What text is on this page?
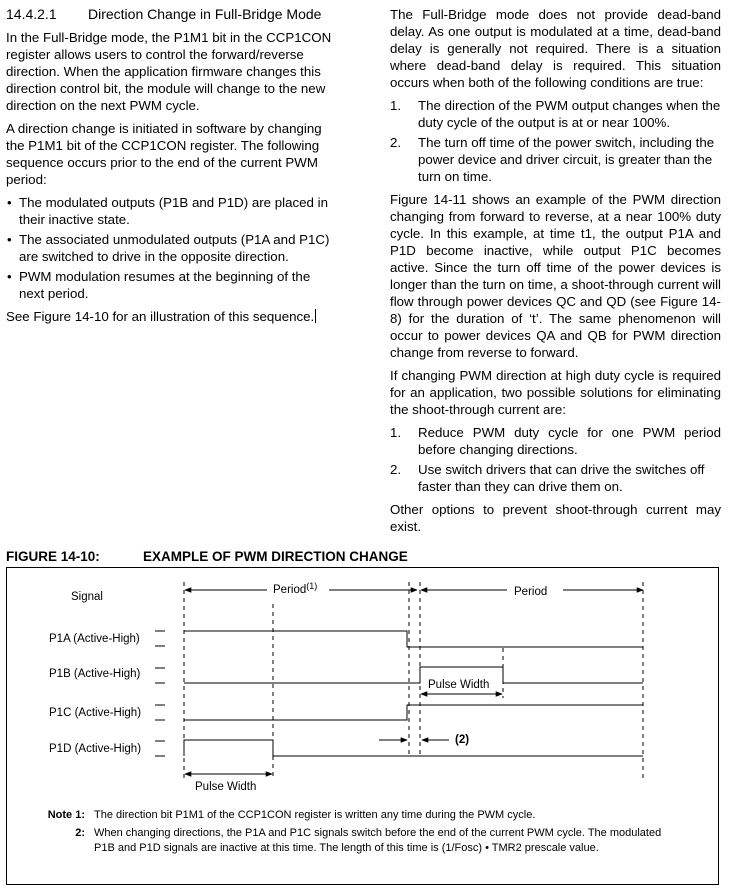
14.4.2.1	Direction Change in Full-Bridge Mode

In the Full-Bridge mode, the P1M1 bit in the CCP1CON register allows users to control the forward/reverse direction. When the application firmware changes this direction control bit, the module will change to the new direction on the next PWM cycle.

A direction change is initiated in software by changing the P1M1 bit of the CCP1CON register. The following sequence occurs prior to the end of the current PWM period:

• The modulated outputs (P1B and P1D) are placed in their inactive state.
• The associated unmodulated outputs (P1A and P1C) are switched to drive in the opposite direction.
• PWM modulation resumes at the beginning of the next period.

See Figure 14-10 for an illustration of this sequence.

The Full-Bridge mode does not provide dead-band delay. As one output is modulated at a time, dead-band delay is generally not required. There is a situation where dead-band delay is required. This situation occurs when both of the following conditions are true:

1.	The direction of the PWM output changes when the duty cycle of the output is at or near 100%.
2.	The turn off time of the power switch, including the power device and driver circuit, is greater than the turn on time.

Figure 14-11 shows an example of the PWM direction changing from forward to reverse, at a near 100% duty cycle. In this example, at time t1, the output P1A and P1D become inactive, while output P1C becomes active. Since the turn off time of the power devices is longer than the turn on time, a shoot-through current will flow through power devices QC and QD (see Figure 14-8) for the duration of ‘t’. The same phenomenon will occur to power devices QA and QB for PWM direction change from reverse to forward.

If changing PWM direction at high duty cycle is required for an application, two possible solutions for eliminating the shoot-through current are:

1.	Reduce PWM duty cycle for one PWM period before changing directions.
2.	Use switch drivers that can drive the switches off faster than they can drive them on.

Other options to prevent shoot-through current may exist.

FIGURE 14-10:	EXAMPLE OF PWM DIRECTION CHANGE
Signal
Period$^{(1)}$	Period
P1A (Active-High)
P1B (Active-High)
P1C (Active-High)
P1D (Active-High)
Pulse Width
(2)
Pulse Width
Note 1: The direction bit P1M1 of the CCP1CON register is written any time during the PWM cycle.
2: When changing directions, the P1A and P1C signals switch before the end of the current PWM cycle. The modulated P1B and P1D signals are inactive at this time. The length of this time is (1/Fosc) • TMR2 prescale value.
